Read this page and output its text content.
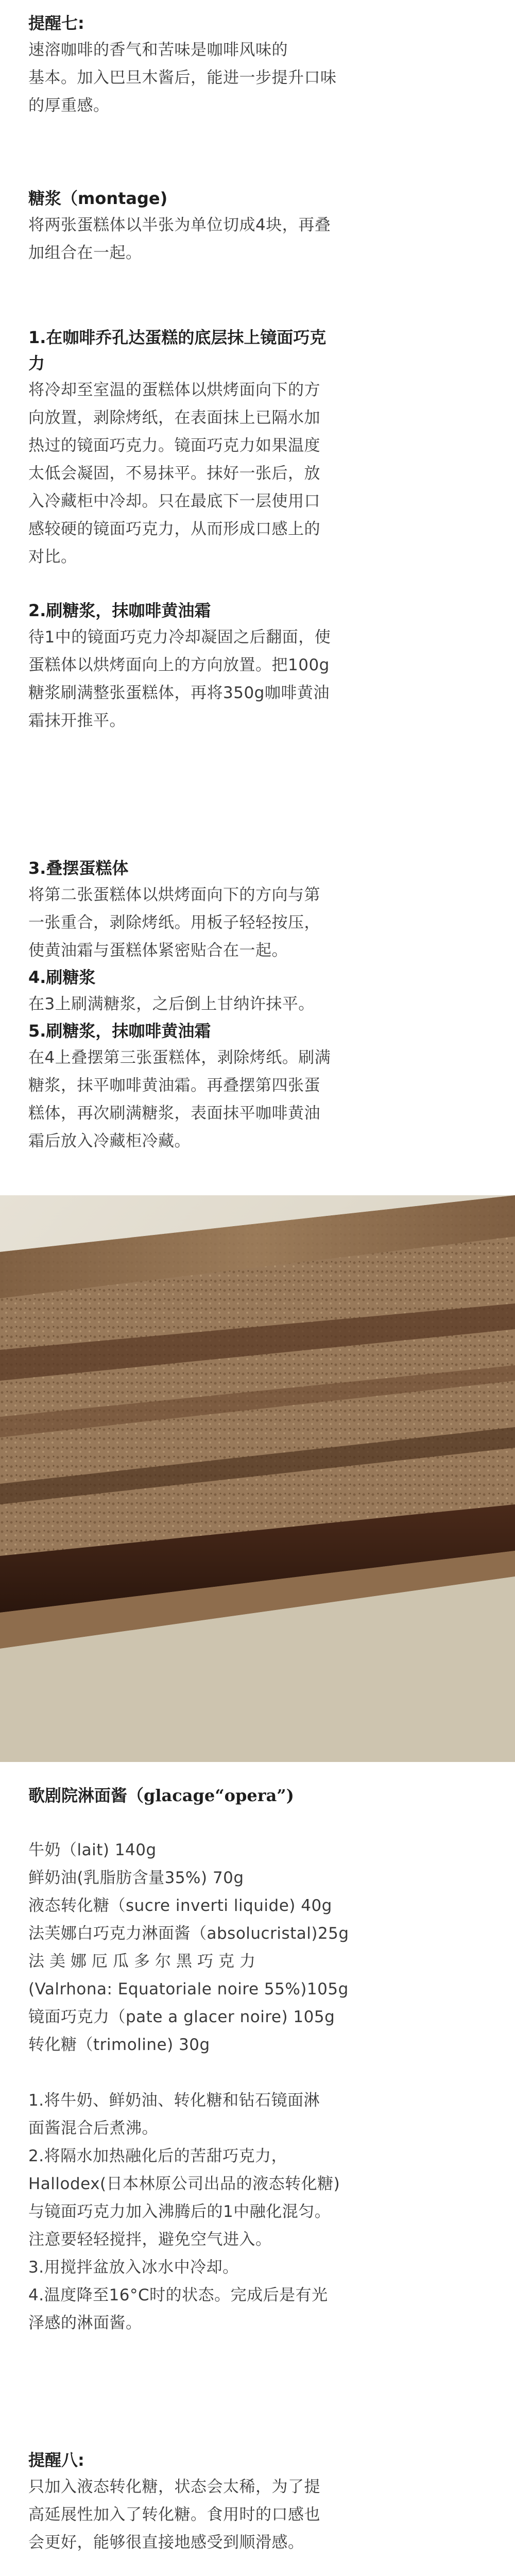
提醒七:

速溶咖啡的香气和苦味是咖啡风味的

基本。加入巴旦木酱后，能进一步提升口味

的厚重感。

糖浆（montage)

将两张蛋糕体以半张为单位切成4块，再叠

加组合在一起。

1.在咖啡乔孔达蛋糕的底层抹上镜面巧克

力

将冷却至室温的蛋糕体以烘烤面向下的方

向放置，剥除烤纸，在表面抹上已隔水加

热过的镜面巧克力。镜面巧克力如果温度

太低会凝固，不易抹平。抹好一张后，放

入冷藏柜中冷却。只在最底下一层使用口

感较硬的镜面巧克力，从而形成口感上的

对比。

2.刷糖浆，抹咖啡黄油霜

待1中的镜面巧克力冷却凝固之后翻面，使

蛋糕体以烘烤面向上的方向放置。把100g

糖浆刷满整张蛋糕体，再将350g咖啡黄油

霜抹开推平。

3.叠摆蛋糕体

将第二张蛋糕体以烘烤面向下的方向与第

一张重合，剥除烤纸。用板子轻轻按压，

使黄油霜与蛋糕体紧密贴合在一起。

4.刷糖浆

在3上刷满糖浆，之后倒上甘纳许抹平。

5.刷糖浆，抹咖啡黄油霜

在4上叠摆第三张蛋糕体，剥除烤纸。刷满

糖浆，抹平咖啡黄油霜。再叠摆第四张蛋

糕体，再次刷满糖浆，表面抹平咖啡黄油

霜后放入冷藏柜冷藏。

歌剧院淋面酱（glacage“opera”)

牛奶（lait) 140g

鲜奶油(乳脂肪含量35%) 70g

液态转化糖（sucre inverti liquide) 40g

法芙娜白巧克力淋面酱（absolucristal)25g

法美娜厄瓜多尔黑巧克力

(Valrhona: Equatoriale noire 55%)105g

镜面巧克力（pate a glacer noire) 105g

转化糖（trimoline) 30g

1.将牛奶、鲜奶油、转化糖和钻石镜面淋

面酱混合后煮沸。

2.将隔水加热融化后的苦甜巧克力，

Hallodex(日本林原公司出品的液态转化糖)

与镜面巧克力加入沸腾后的1中融化混匀。

注意要轻轻搅拌，避免空气进入。

3.用搅拌盆放入冰水中冷却。

4.温度降至16°C时的状态。完成后是有光

泽感的淋面酱。

提醒八:

只加入液态转化糖，状态会太稀，为了提

高延展性加入了转化糖。食用时的口感也

会更好，能够很直接地感受到顺滑感。
